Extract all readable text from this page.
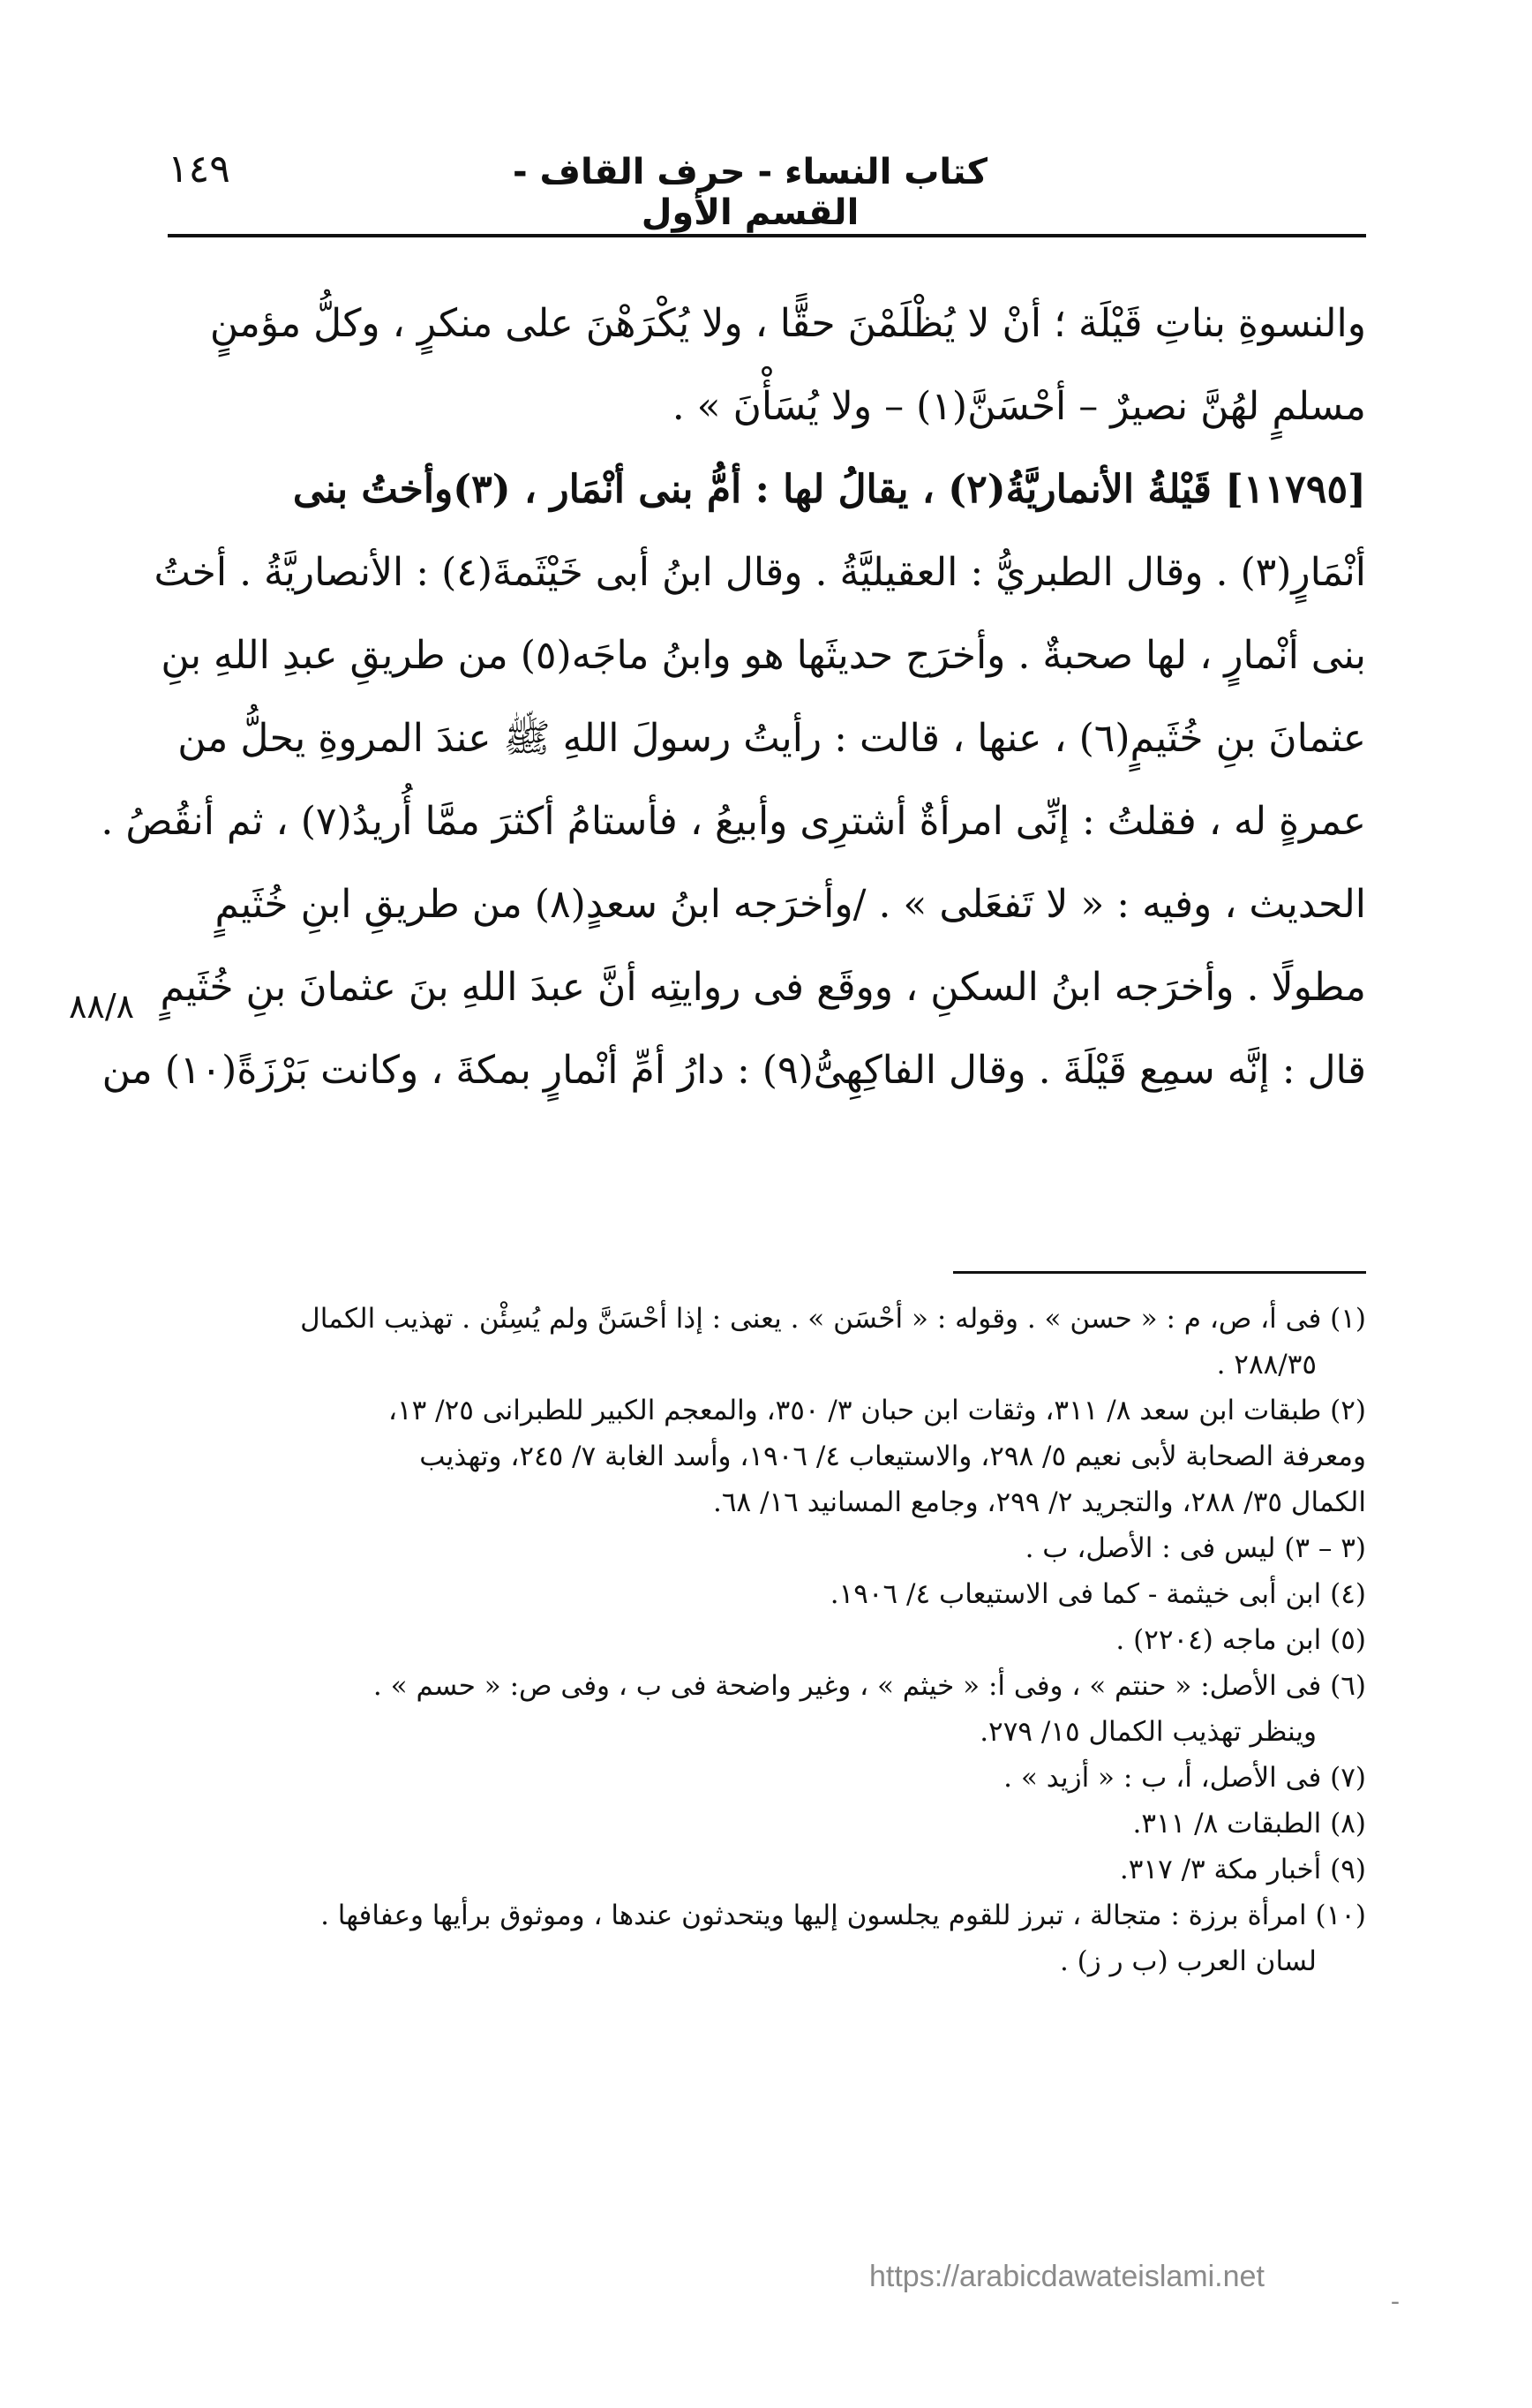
كتاب النساء - حرف القاف - القسم الأول
١٤٩
والنسوةِ بناتِ قَيْلَة ؛ أنْ لا يُظْلَمْنَ حقًّا ، ولا يُكْرَهْنَ على منكرٍ ، وكلُّ مؤمنٍ
مسلمٍ لهُنَّ نصيرٌ – أحْسَنَّ(١) – ولا يُسَأْنَ » .
[١١٧٩٥] قَيْلةُ الأنماريَّةُ(٢) ، يقالُ لها : أمُّ بنى أنْمَار ، (٣)وأختُ بنى
أنْمَارٍ(٣) . وقال الطبريُّ : العقيليَّةُ . وقال ابنُ أبى خَيْثَمةَ(٤) : الأنصاريَّةُ . أختُ
بنى أنْمارٍ ، لها صحبةٌ . وأخرَج حديثَها هو وابنُ ماجَه(٥) من طريقِ عبدِ اللهِ بنِ
عثمانَ بنِ خُثَيمٍ(٦) ، عنها ، قالت : رأيتُ رسولَ اللهِ ﷺ عندَ المروةِ يحلُّ من
عمرةٍ له ، فقلتُ : إنِّى امرأةٌ أشترِى وأبيعُ ، فأستامُ أكثرَ ممَّا أُريدُ(٧) ، ثم أنقُصُ .
الحديث ، وفيه : « لا تَفعَلى » . /وأخرَجه ابنُ سعدٍ(٨) من طريقِ ابنِ خُثَيمٍ
مطولًا . وأخرَجه ابنُ السكنِ ، ووقَع فى روايتِه أنَّ عبدَ اللهِ بنَ عثمانَ بنِ خُثَيمٍ
قال : إنَّه سمِع قَيْلَةَ . وقال الفاكِهِىُّ(٩) : دارُ أمِّ أنْمارٍ بمكةَ ، وكانت بَرْزَةً(١٠) من
٨٨/٨
(١) فى أ، ص، م : « حسن » . وقوله : « أحْسَن » . يعنى : إذا أحْسَنَّ ولم يُسِئْن . تهذيب الكمال
٢٨٨/٣٥ .
(٢) طبقات ابن سعد ٨/ ٣١١، وثقات ابن حبان ٣/ ٣٥٠، والمعجم الكبير للطبرانى ٢٥/ ١٣،
ومعرفة الصحابة لأبى نعيم ٥/ ٢٩٨، والاستيعاب ٤/ ١٩٠٦، وأسد الغابة ٧/ ٢٤٥، وتهذيب
الكمال ٣٥/ ٢٨٨، والتجريد ٢/ ٢٩٩، وجامع المسانيد ١٦/ ٦٨.
(٣ – ٣) ليس فى : الأصل، ب .
(٤) ابن أبى خيثمة - كما فى الاستيعاب ٤/ ١٩٠٦.
(٥) ابن ماجه (٢٢٠٤) .
(٦) فى الأصل: « حنتم » ، وفى أ: « خيثم » ، وغير واضحة فى ب ، وفى ص: « حسم » .
وينظر تهذيب الكمال ١٥/ ٢٧٩.
(٧) فى الأصل، أ، ب : « أزيد » .
(٨) الطبقات ٨/ ٣١١.
(٩) أخبار مكة ٣/ ٣١٧.
(١٠) امرأة برزة : متجالة ، تبرز للقوم يجلسون إليها ويتحدثون عندها ، وموثوق برأيها وعفافها .
لسان العرب (ب ر ز) .
https://arabicdawateislami.net
-
